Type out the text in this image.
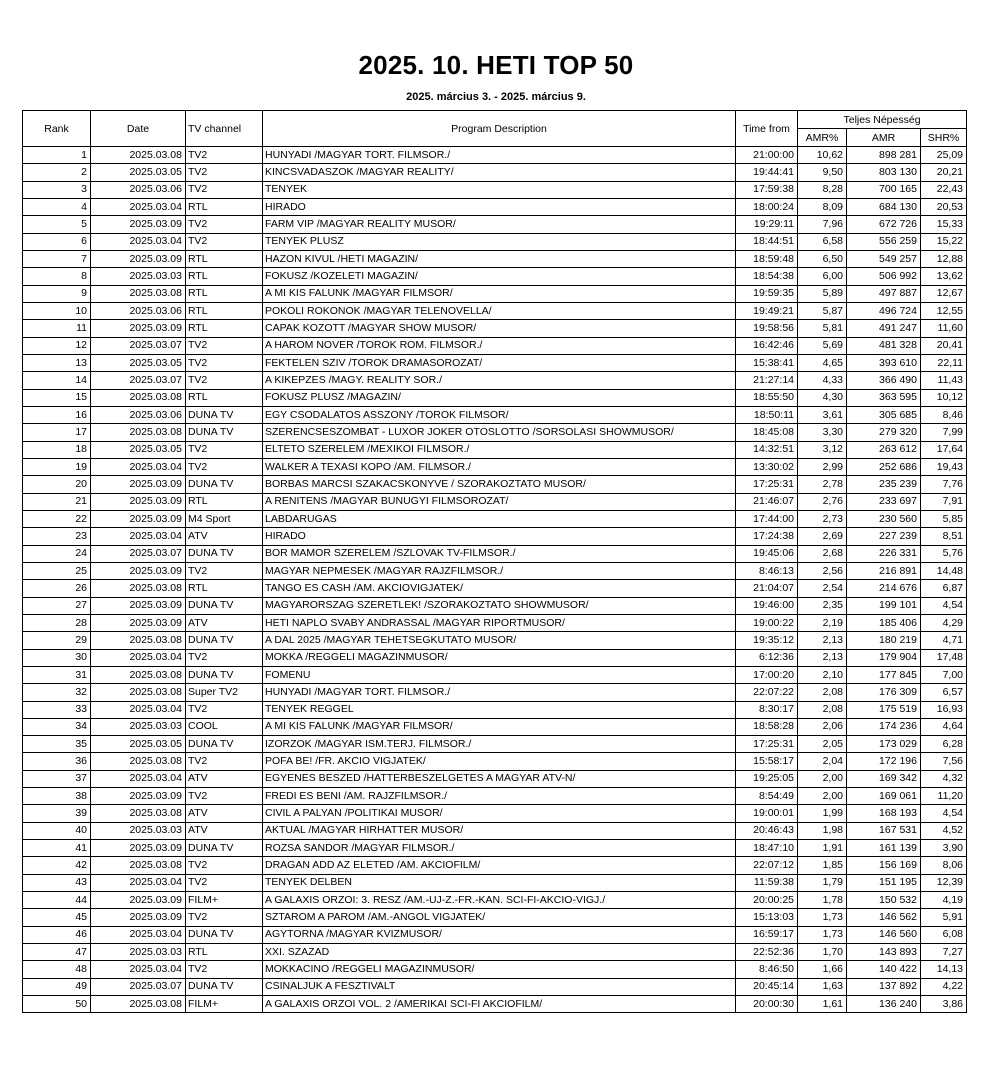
2025. 10. HETI TOP 50
2025. március 3. - 2025. március 9.
Rank	Date	TV channel	Program Description	Time from	Teljes Népesség		
					AMR%	AMR	SHR%
1	2025.03.08	TV2	HUNYADI /MAGYAR TORT. FILMSOR./	21:00:00	10,62	898 281	25,09
2	2025.03.05	TV2	KINCSVADASZOK /MAGYAR REALITY/	19:44:41	9,50	803 130	20,21
3	2025.03.06	TV2	TENYEK	17:59:38	8,28	700 165	22,43
4	2025.03.04	RTL	HIRADO	18:00:24	8,09	684 130	20,53
5	2025.03.09	TV2	FARM VIP /MAGYAR REALITY MUSOR/	19:29:11	7,96	672 726	15,33
6	2025.03.04	TV2	TENYEK PLUSZ	18:44:51	6,58	556 259	15,22
7	2025.03.09	RTL	HAZON KIVUL /HETI MAGAZIN/	18:59:48	6,50	549 257	12,88
8	2025.03.03	RTL	FOKUSZ /KOZELETI MAGAZIN/	18:54:38	6,00	506 992	13,62
9	2025.03.08	RTL	A MI KIS FALUNK /MAGYAR FILMSOR/	19:59:35	5,89	497 887	12,67
10	2025.03.06	RTL	POKOLI ROKONOK /MAGYAR TELENOVELLA/	19:49:21	5,87	496 724	12,55
11	2025.03.09	RTL	CAPAK KOZOTT /MAGYAR SHOW MUSOR/	19:58:56	5,81	491 247	11,60
12	2025.03.07	TV2	A HAROM NOVER /TOROK ROM. FILMSOR./	16:42:46	5,69	481 328	20,41
13	2025.03.05	TV2	FEKTELEN SZIV /TOROK DRAMASOROZAT/	15:38:41	4,65	393 610	22,11
14	2025.03.07	TV2	A KIKEPZES /MAGY. REALITY SOR./	21:27:14	4,33	366 490	11,43
15	2025.03.08	RTL	FOKUSZ PLUSZ /MAGAZIN/	18:55:50	4,30	363 595	10,12
16	2025.03.06	DUNA TV	EGY CSODALATOS ASSZONY /TOROK FILMSOR/	18:50:11	3,61	305 685	8,46
17	2025.03.08	DUNA TV	SZERENCSESZOMBAT - LUXOR JOKER OTOSLOTTO /SORSOLASI SHOWMUSOR/	18:45:08	3,30	279 320	7,99
18	2025.03.05	TV2	ELTETO SZERELEM /MEXIKOI FILMSOR./	14:32:51	3,12	263 612	17,64
19	2025.03.04	TV2	WALKER A TEXASI KOPO /AM. FILMSOR./	13:30:02	2,99	252 686	19,43
20	2025.03.09	DUNA TV	BORBAS MARCSI SZAKACSKONYVE / SZORAKOZTATO MUSOR/	17:25:31	2,78	235 239	7,76
21	2025.03.09	RTL	A RENITENS /MAGYAR BUNUGYI FILMSOROZAT/	21:46:07	2,76	233 697	7,91
22	2025.03.09	M4 Sport	LABDARUGAS	17:44:00	2,73	230 560	5,85
23	2025.03.04	ATV	HIRADO	17:24:38	2,69	227 239	8,51
24	2025.03.07	DUNA TV	BOR MAMOR SZERELEM /SZLOVAK TV-FILMSOR./	19:45:06	2,68	226 331	5,76
25	2025.03.09	TV2	MAGYAR NEPMESEK /MAGYAR RAJZFILMSOR./	8:46:13	2,56	216 891	14,48
26	2025.03.08	RTL	TANGO ES CASH /AM. AKCIOVIGJATEK/	21:04:07	2,54	214 676	6,87
27	2025.03.09	DUNA TV	MAGYARORSZAG SZERETLEK! /SZORAKOZTATO SHOWMUSOR/	19:46:00	2,35	199 101	4,54
28	2025.03.09	ATV	HETI NAPLO SVABY ANDRASSAL /MAGYAR RIPORTMUSOR/	19:00:22	2,19	185 406	4,29
29	2025.03.08	DUNA TV	A DAL 2025 /MAGYAR TEHETSEGKUTATO MUSOR/	19:35:12	2,13	180 219	4,71
30	2025.03.04	TV2	MOKKA /REGGELI MAGAZINMUSOR/	6:12:36	2,13	179 904	17,48
31	2025.03.08	DUNA TV	FOMENU	17:00:20	2,10	177 845	7,00
32	2025.03.08	Super TV2	HUNYADI /MAGYAR TORT. FILMSOR./	22:07:22	2,08	176 309	6,57
33	2025.03.04	TV2	TENYEK REGGEL	8:30:17	2,08	175 519	16,93
34	2025.03.03	COOL	A MI KIS FALUNK /MAGYAR FILMSOR/	18:58:28	2,06	174 236	4,64
35	2025.03.05	DUNA TV	IZORZOK /MAGYAR ISM.TERJ. FILMSOR./	17:25:31	2,05	173 029	6,28
36	2025.03.08	TV2	POFA BE! /FR. AKCIO VIGJATEK/	15:58:17	2,04	172 196	7,56
37	2025.03.04	ATV	EGYENES BESZED /HATTERBESZELGETES A MAGYAR ATV-N/	19:25:05	2,00	169 342	4,32
38	2025.03.09	TV2	FREDI ES BENI /AM. RAJZFILMSOR./	8:54:49	2,00	169 061	11,20
39	2025.03.08	ATV	CIVIL A PALYAN /POLITIKAI MUSOR/	19:00:01	1,99	168 193	4,54
40	2025.03.03	ATV	AKTUAL /MAGYAR HIRHATTER MUSOR/	20:46:43	1,98	167 531	4,52
41	2025.03.09	DUNA TV	ROZSA SANDOR /MAGYAR FILMSOR./	18:47:10	1,91	161 139	3,90
42	2025.03.08	TV2	DRAGAN ADD AZ ELETED /AM. AKCIOFILM/	22:07:12	1,85	156 169	8,06
43	2025.03.04	TV2	TENYEK DELBEN	11:59:38	1,79	151 195	12,39
44	2025.03.09	FILM+	A GALAXIS ORZOI: 3. RESZ /AM.-UJ-Z.-FR.-KAN. SCI-FI-AKCIO-VIGJ./	20:00:25	1,78	150 532	4,19
45	2025.03.09	TV2	SZTAROM A PAROM /AM.-ANGOL VIGJATEK/	15:13:03	1,73	146 562	5,91
46	2025.03.04	DUNA TV	AGYTORNA /MAGYAR KVIZMUSOR/	16:59:17	1,73	146 560	6,08
47	2025.03.03	RTL	XXI. SZAZAD	22:52:36	1,70	143 893	7,27
48	2025.03.04	TV2	MOKKACINO /REGGELI MAGAZINMUSOR/	8:46:50	1,66	140 422	14,13
49	2025.03.07	DUNA TV	CSINALJUK A FESZTIVALT	20:45:14	1,63	137 892	4,22
50	2025.03.08	FILM+	A GALAXIS ORZOI VOL. 2 /AMERIKAI SCI-FI AKCIOFILM/	20:00:30	1,61	136 240	3,86
